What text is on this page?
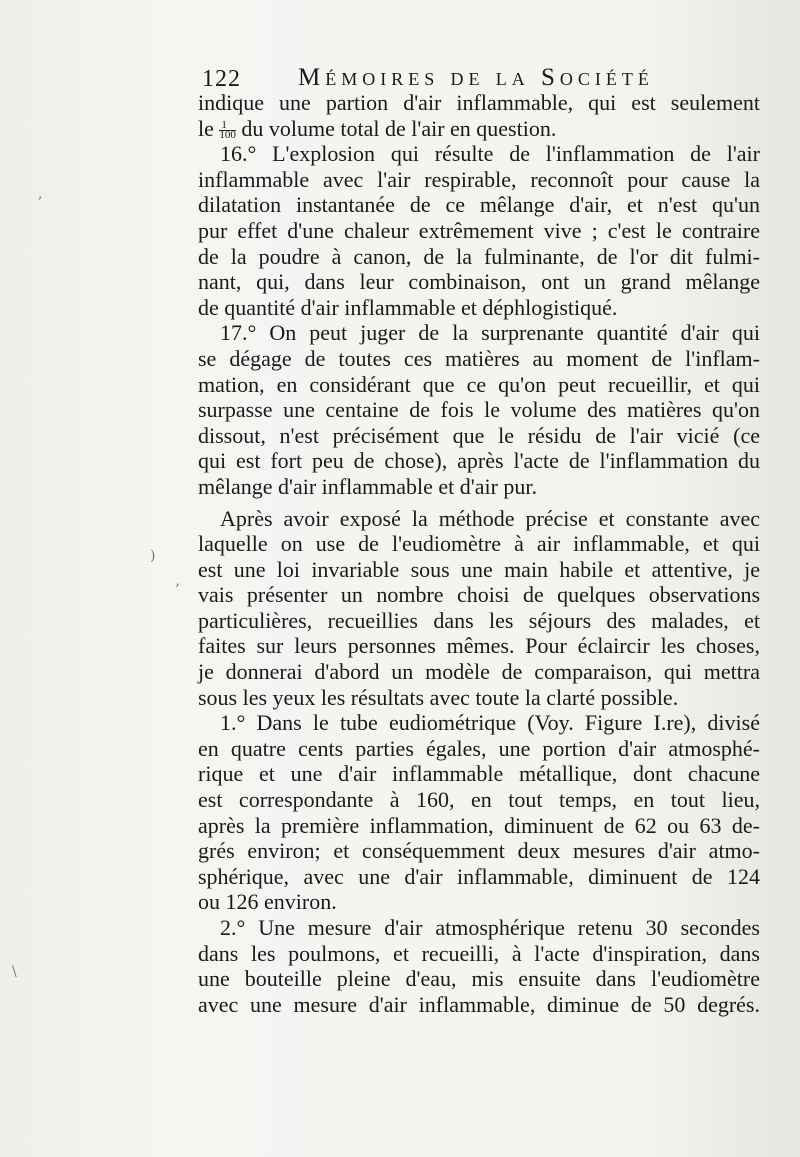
122 Mémoires de la Société
indique une partion d'air inflammable, qui est seulement
le $\frac{1}{100}$ du volume total de l'air en question.
16.° L'explosion qui résulte de l'inflammation de l'air
inflammable avec l'air respirable, reconnoît pour cause la
dilatation instantanée de ce mêlange d'air, et n'est qu'un
pur effet d'une chaleur extrêmement vive ; c'est le contraire
de la poudre à canon, de la fulminante, de l'or dit fulmi-
nant, qui, dans leur combinaison, ont un grand mêlange
de quantité d'air inflammable et déphlogistiqué.
17.° On peut juger de la surprenante quantité d'air qui
se dégage de toutes ces matières au moment de l'inflam-
mation, en considérant que ce qu'on peut recueillir, et qui
surpasse une centaine de fois le volume des matières qu'on
dissout, n'est précisément que le résidu de l'air vicié (ce
qui est fort peu de chose), après l'acte de l'inflammation du
mêlange d'air inflammable et d'air pur.
Après avoir exposé la méthode précise et constante avec
laquelle on use de l'eudiomètre à air inflammable, et qui
est une loi invariable sous une main habile et attentive, je
vais présenter un nombre choisi de quelques observations
particulières, recueillies dans les séjours des malades, et
faites sur leurs personnes mêmes. Pour éclaircir les choses,
je donnerai d'abord un modèle de comparaison, qui mettra
sous les yeux les résultats avec toute la clarté possible.
1.° Dans le tube eudiométrique (Voy. Figure I.re), divisé
en quatre cents parties égales, une portion d'air atmosphé-
rique et une d'air inflammable métallique, dont chacune
est correspondante à 160, en tout temps, en tout lieu,
après la première inflammation, diminuent de 62 ou 63 de-
grés environ; et conséquemment deux mesures d'air atmo-
sphérique, avec une d'air inflammable, diminuent de 124
ou 126 environ.
2.° Une mesure d'air atmosphérique retenu 30 secondes
dans les poulmons, et recueilli, à l'acte d'inspiration, dans
une bouteille pleine d'eau, mis ensuite dans l'eudiomètre
avec une mesure d'air inflammable, diminue de 50 degrés.
,
)
’
\
